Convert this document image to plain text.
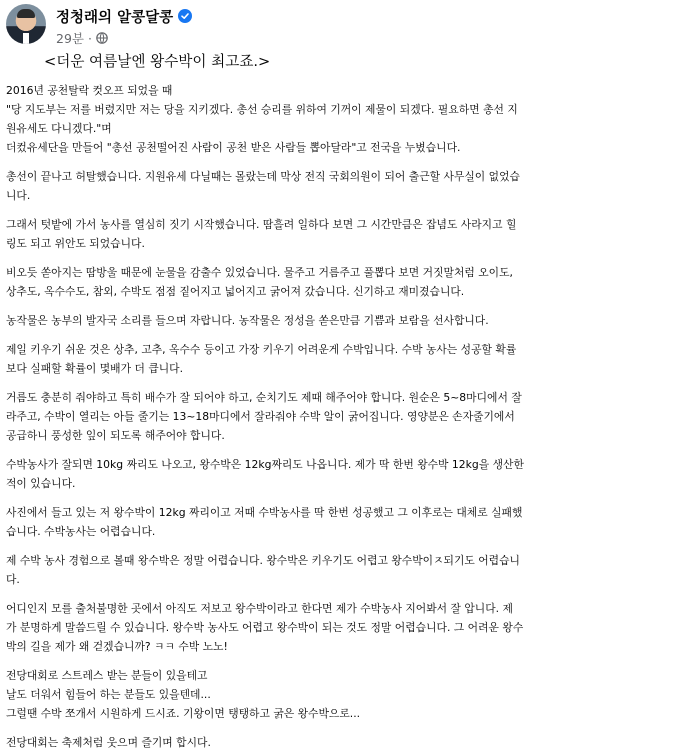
정청래의 알콩달콩
29분 ·
<더운 여름날엔 왕수박이 최고죠.>
2016년 공천탈락 컷오프 되었을 때
"당 지도부는 저를 버렸지만 저는 당을 지키겠다. 총선 승리를 위하여 기꺼이 제물이 되겠다. 필요하면 총선 지
원유세도 다니겠다."며
더컸유세단을 만들어 "총선 공천떨어진 사람이 공천 받은 사람들 뽑아달라"고 전국을 누볐습니다.
총선이 끝나고 허탈했습니다. 지원유세 다닐때는 몰랐는데 막상 전직 국회의원이 되어 출근할 사무실이 없었습
니다.
그래서 텃밭에 가서 농사를 열심히 짓기 시작했습니다. 땀흘려 일하다 보면 그 시간만큼은 잡념도 사라지고 힐
링도 되고 위안도 되었습니다.
비오듯 쏟아지는 땀방울 때문에 눈물을 감출수 있었습니다. 물주고 거름주고 풀뽑다 보면 거짓말처럼 오이도,
상추도, 옥수수도, 참외, 수박도 점점 짙어지고 넓어지고 굵어져 갔습니다. 신기하고 재미졌습니다.
농작물은 농부의 발자국 소리를 들으며 자랍니다. 농작물은 정성을 쏟은만큼 기쁨과 보람을 선사합니다.
제일 키우기 쉬운 것은 상추, 고추, 옥수수 등이고 가장 키우기 어려운게 수박입니다. 수박 농사는 성공할 확률
보다 실패할 확률이 몇배가 더 큽니다.
거름도 충분히 줘야하고 특히 배수가 잘 되어야 하고, 순치기도 제때 해주어야 합니다. 원순은 5~8마디에서 잘
라주고, 수박이 열리는 아들 줄기는 13~18마디에서 잘라줘야 수박 알이 굵어집니다. 영양분은 손자줄기에서
공급하니 풍성한 잎이 되도록 해주어야 합니다.
수박농사가 잘되면 10kg 짜리도 나오고, 왕수박은 12kg짜리도 나옵니다. 제가 딱 한번 왕수박 12kg을 생산한
적이 있습니다.
사진에서 들고 있는 저 왕수박이 12kg 짜리이고 저때 수박농사를 딱 한번 성공했고 그 이후로는 대체로 실패했
습니다. 수박농사는 어렵습니다.
제 수박 농사 경험으로 볼때 왕수박은 정말 어렵습니다. 왕수박은 키우기도 어렵고 왕수박이ㅈ되기도 어렵습니
다.
어디인지 모를 출처불명한 곳에서 아직도 저보고 왕수박이라고 한다면 제가 수박농사 지어봐서 잘 압니다. 제
가 분명하게 말씀드릴 수 있습니다. 왕수박 농사도 어렵고 왕수박이 되는 것도 정말 어렵습니다. 그 어려운 왕수
박의 길을 제가 왜 걷겠습니까? ㅋㅋ 수박 노노!
전당대회로 스트레스 받는 분들이 있을테고
날도 더워서 힘들어 하는 분들도 있을텐데...
그럴땐 수박 쪼개서 시원하게 드시죠. 기왕이면 탱탱하고 굵은 왕수박으로...
전당대회는 축제처럼 웃으며 즐기며 합시다.
